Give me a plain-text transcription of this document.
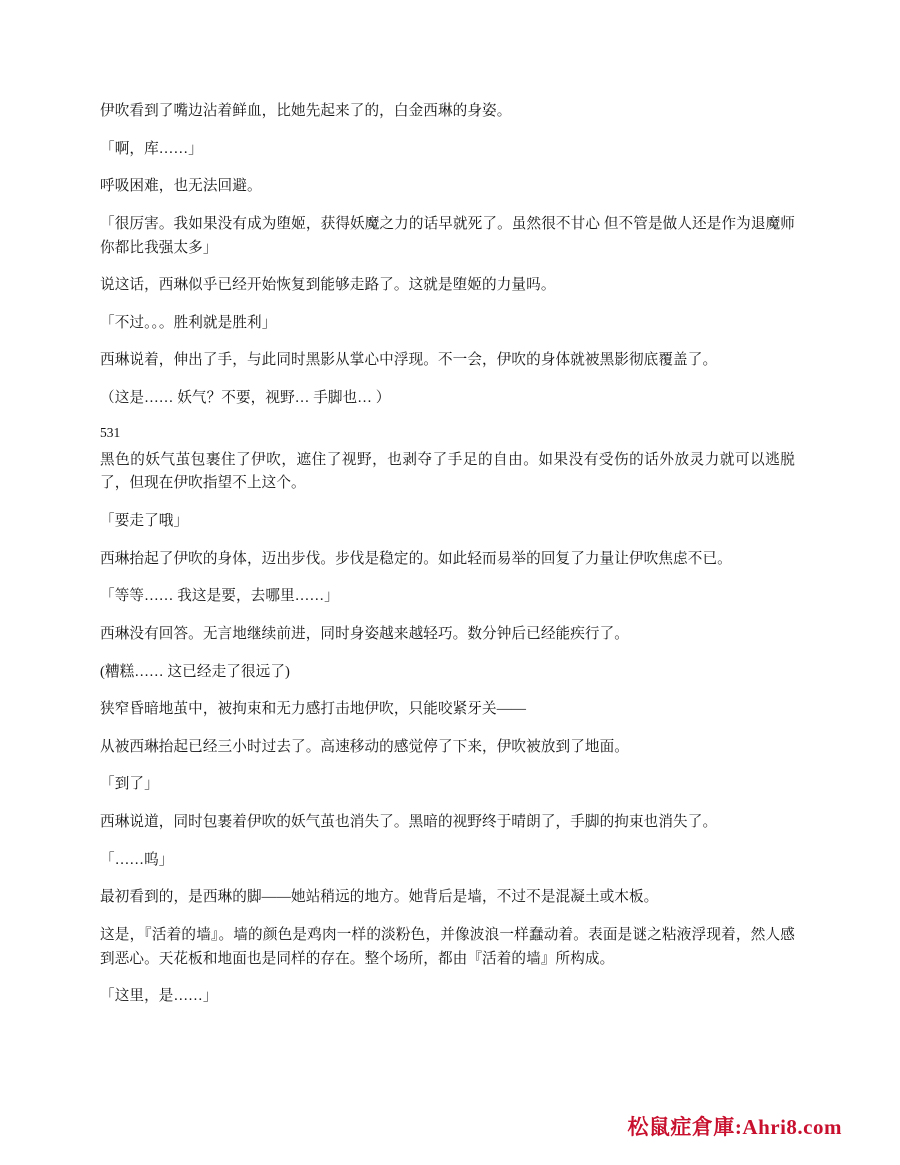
伊吹看到了嘴边沾着鲜血，比她先起来了的，白金西琳的身姿。

「啊，库……」

呼吸困难，也无法回避。

「很厉害。我如果没有成为堕姬，获得妖魔之力的话早就死了。虽然很不甘心 但不管是做人还是作为退魔师你都比我强太多」

说这话，西琳似乎已经开始恢复到能够走路了。这就是堕姬的力量吗。

「不过。。。胜利就是胜利」

西琳说着，伸出了手，与此同时黑影从掌心中浮现。不一会，伊吹的身体就被黑影彻底覆盖了。

（这是…… 妖气？不要，视野… 手脚也… ）

531

黑色的妖气茧包裹住了伊吹，遮住了视野，也剥夺了手足的自由。如果没有受伤的话外放灵力就可以逃脱了，但现在伊吹指望不上这个。

「要走了哦」

西琳抬起了伊吹的身体，迈出步伐。步伐是稳定的。如此轻而易举的回复了力量让伊吹焦虑不已。

「等等…… 我这是要，去哪里……」

西琳没有回答。无言地继续前进，同时身姿越来越轻巧。数分钟后已经能疾行了。

(糟糕…… 这已经走了很远了)

狭窄昏暗地茧中，被拘束和无力感打击地伊吹，只能咬紧牙关——

从被西琳抬起已经三小时过去了。高速移动的感觉停了下来，伊吹被放到了地面。

「到了」

西琳说道，同时包裹着伊吹的妖气茧也消失了。黑暗的视野终于晴朗了，手脚的拘束也消失了。

「……呜」

最初看到的，是西琳的脚——她站稍远的地方。她背后是墙，不过不是混凝土或木板。

这是，『活着的墙』。墙的颜色是鸡肉一样的淡粉色，并像波浪一样蠢动着。表面是谜之粘液浮现着，然人感到恶心。天花板和地面也是同样的存在。整个场所，都由『活着的墙』所构成。

「这里，是……」

松鼠症倉庫:Ahri8.com
